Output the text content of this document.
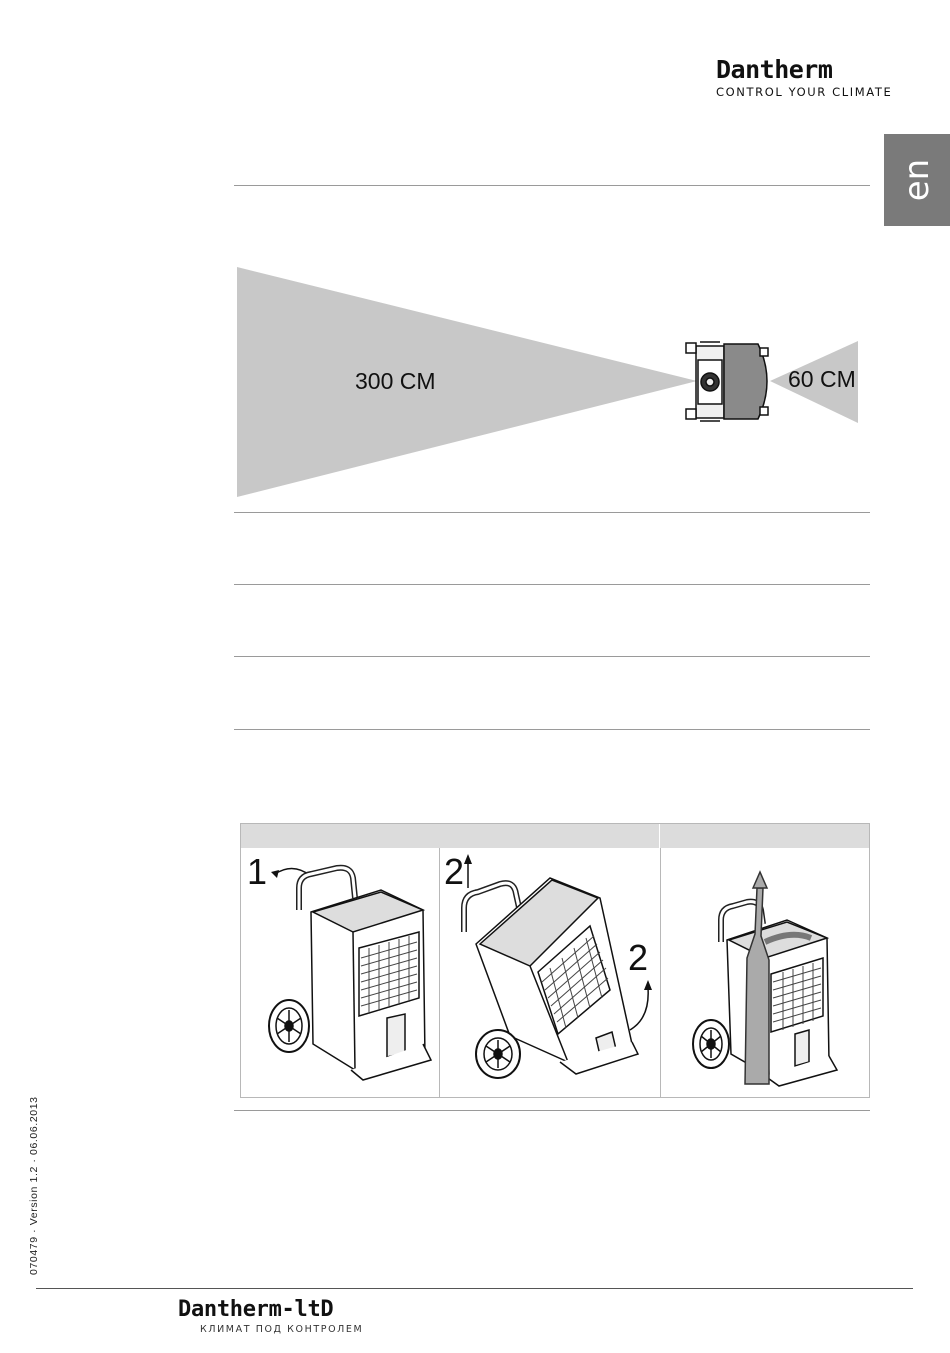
Dantherm
CONTROL YOUR CLIMATE
en
300 CM	60 CM
1	2
2
070479 · Version 1.2 · 06.06.2013
Dantherm-ltD
КЛИМАТ ПОД КОНТРОЛЕМ
